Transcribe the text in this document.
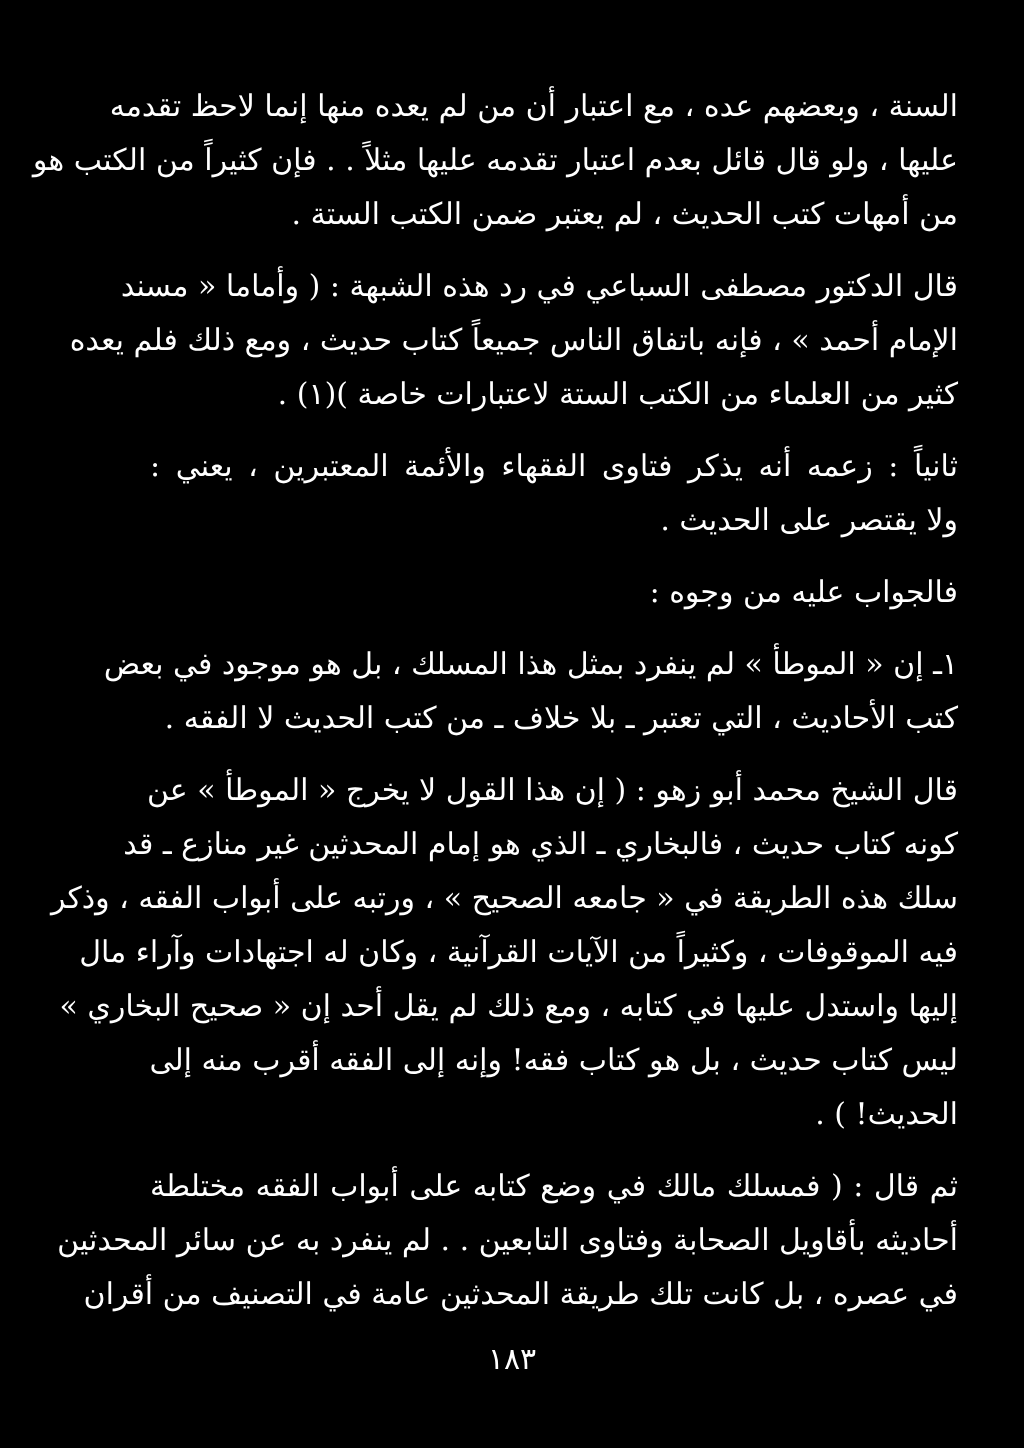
السنة ، وبعضهم عده ، مع اعتبار أن من لم يعده منها إنما لاحظ تقدمه
عليها ، ولو قال قائل بعدم اعتبار تقدمه عليها مثلاً . . فإن كثيراً من الكتب هو
من أمهات كتب الحديث ، لم يعتبر ضمن الكتب الستة .
قال الدكتور مصطفى السباعي في رد هذه الشبهة : ( وأماما « مسند
الإمام أحمد » ، فإنه باتفاق الناس جميعاً كتاب حديث ، ومع ذلك فلم يعده
كثير من العلماء من الكتب الستة لاعتبارات خاصة )(١) .
ثانياً : زعمه أنه يذكر فتاوى الفقهاء والأئمة المعتبرين ، يعني :
ولا يقتصر على الحديث .
فالجواب عليه من وجوه :
١ـ إن « الموطأ » لم ينفرد بمثل هذا المسلك ، بل هو موجود في بعض
كتب الأحاديث ، التي تعتبر ـ بلا خلاف ـ من كتب الحديث لا الفقه .
قال الشيخ محمد أبو زهو : ( إن هذا القول لا يخرج « الموطأ » عن
كونه كتاب حديث ، فالبخاري ـ الذي هو إمام المحدثين غير منازع ـ قد
سلك هذه الطريقة في « جامعه الصحيح » ، ورتبه على أبواب الفقه ، وذكر
فيه الموقوفات ، وكثيراً من الآيات القرآنية ، وكان له اجتهادات وآراء مال
إليها واستدل عليها في كتابه ، ومع ذلك لم يقل أحد إن « صحيح البخاري »
ليس كتاب حديث ، بل هو كتاب فقه! وإنه إلى الفقه أقرب منه إلى
الحديث! ) .
ثم قال : ( فمسلك مالك في وضع كتابه على أبواب الفقه مختلطة
أحاديثه بأقاويل الصحابة وفتاوى التابعين . . لم ينفرد به عن سائر المحدثين
في عصره ، بل كانت تلك طريقة المحدثين عامة في التصنيف من أقران
١٨٣
